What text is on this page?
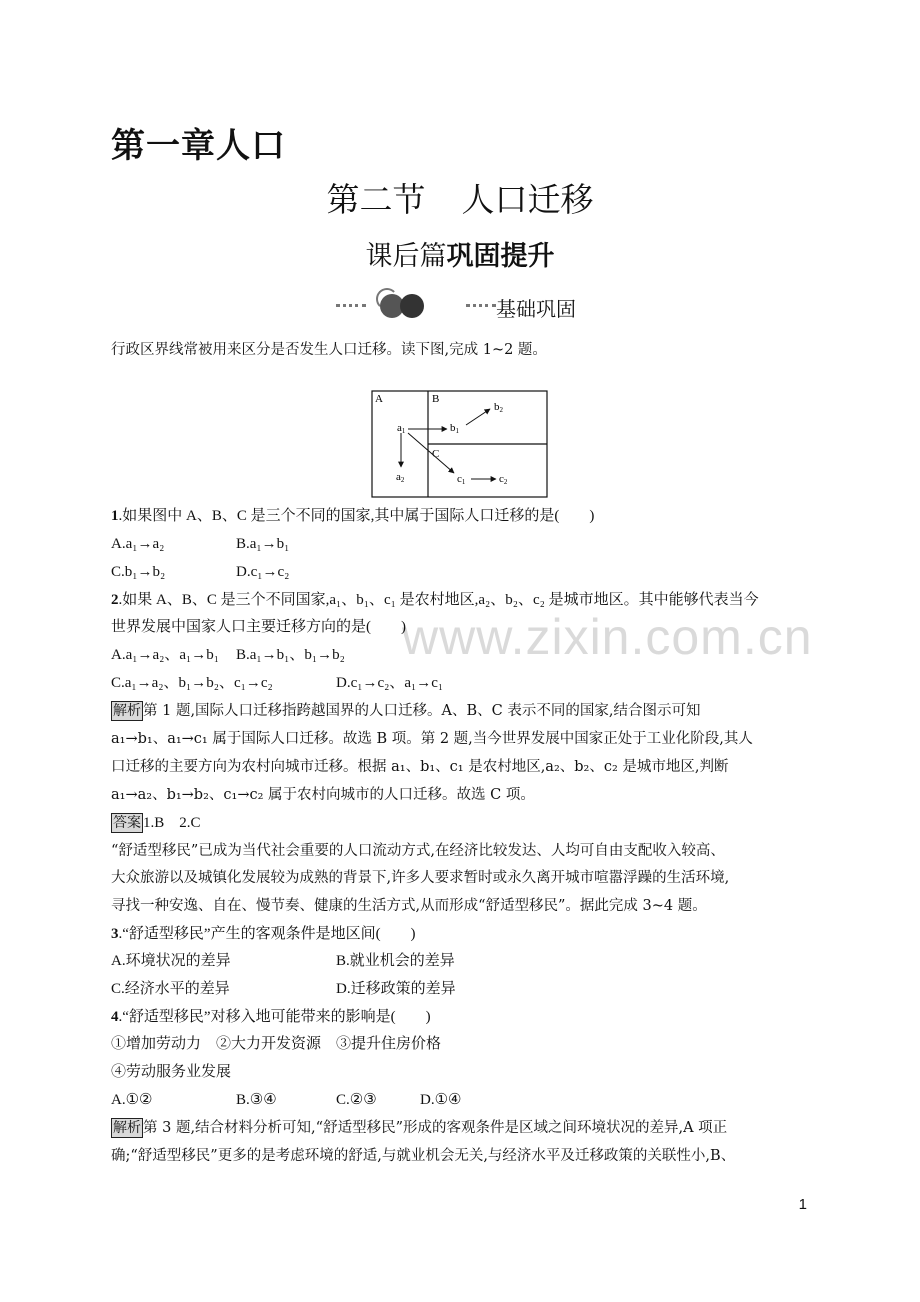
第一章人口
第二节 人口迁移
课后篇巩固提升
基础巩固
行政区界线常被用来区分是否发生人口迁移。读下图,完成 1~2 题。
A	B
C
a1
a2
b1
b2
c1	c2
www.zixin.com.cn
1.如果图中 A、B、C 是三个不同的国家,其中属于国际人口迁移的是(　　)
A.a₁→a₂	B.a₁→b₁
C.b₁→b₂	D.c₁→c₂
2.如果 A、B、C 是三个不同国家,a₁、b₁、c₁ 是农村地区,a₂、b₂、c₂ 是城市地区。其中能够代表当今
世界发展中国家人口主要迁移方向的是(　　)
A.a₁→a₂、a₁→b₁ B.a₁→b₁、b₁→b₂
C.a₁→a₂、b₁→b₂、c₁→c₂	D.c₁→c₂、a₁→c₁
解析 第 1 题,国际人口迁移指跨越国界的人口迁移。A、B、C 表示不同的国家,结合图示可知
a₁→b₁、a₁→c₁ 属于国际人口迁移。故选 B 项。第 2 题,当今世界发展中国家正处于工业化阶段,其人
口迁移的主要方向为农村向城市迁移。根据 a₁、b₁、c₁ 是农村地区,a₂、b₂、c₂ 是城市地区,判断
a₁→a₂、b₁→b₂、c₁→c₂ 属于农村向城市的人口迁移。故选 C 项。
答案 1.B　2.C
“舒适型移民”已成为当代社会重要的人口流动方式,在经济比较发达、人均可自由支配收入较高、
大众旅游以及城镇化发展较为成熟的背景下,许多人要求暂时或永久离开城市喧嚣浮躁的生活环境,
寻找一种安逸、自在、慢节奏、健康的生活方式,从而形成“舒适型移民”。据此完成 3~4 题。
3.“舒适型移民”产生的客观条件是地区间(　　)
A.环境状况的差异	B.就业机会的差异
C.经济水平的差异	D.迁移政策的差异
4.“舒适型移民”对移入地可能带来的影响是(　　)
①增加劳动力　②大力开发资源　③提升住房价格
④劳动服务业发展
A.①②	B.③④	C.②③	D.①④
解析 第 3 题,结合材料分析可知,“舒适型移民”形成的客观条件是区域之间环境状况的差异,A 项正
确;“舒适型移民”更多的是考虑环境的舒适,与就业机会无关,与经济水平及迁移政策的关联性小,B、
1
